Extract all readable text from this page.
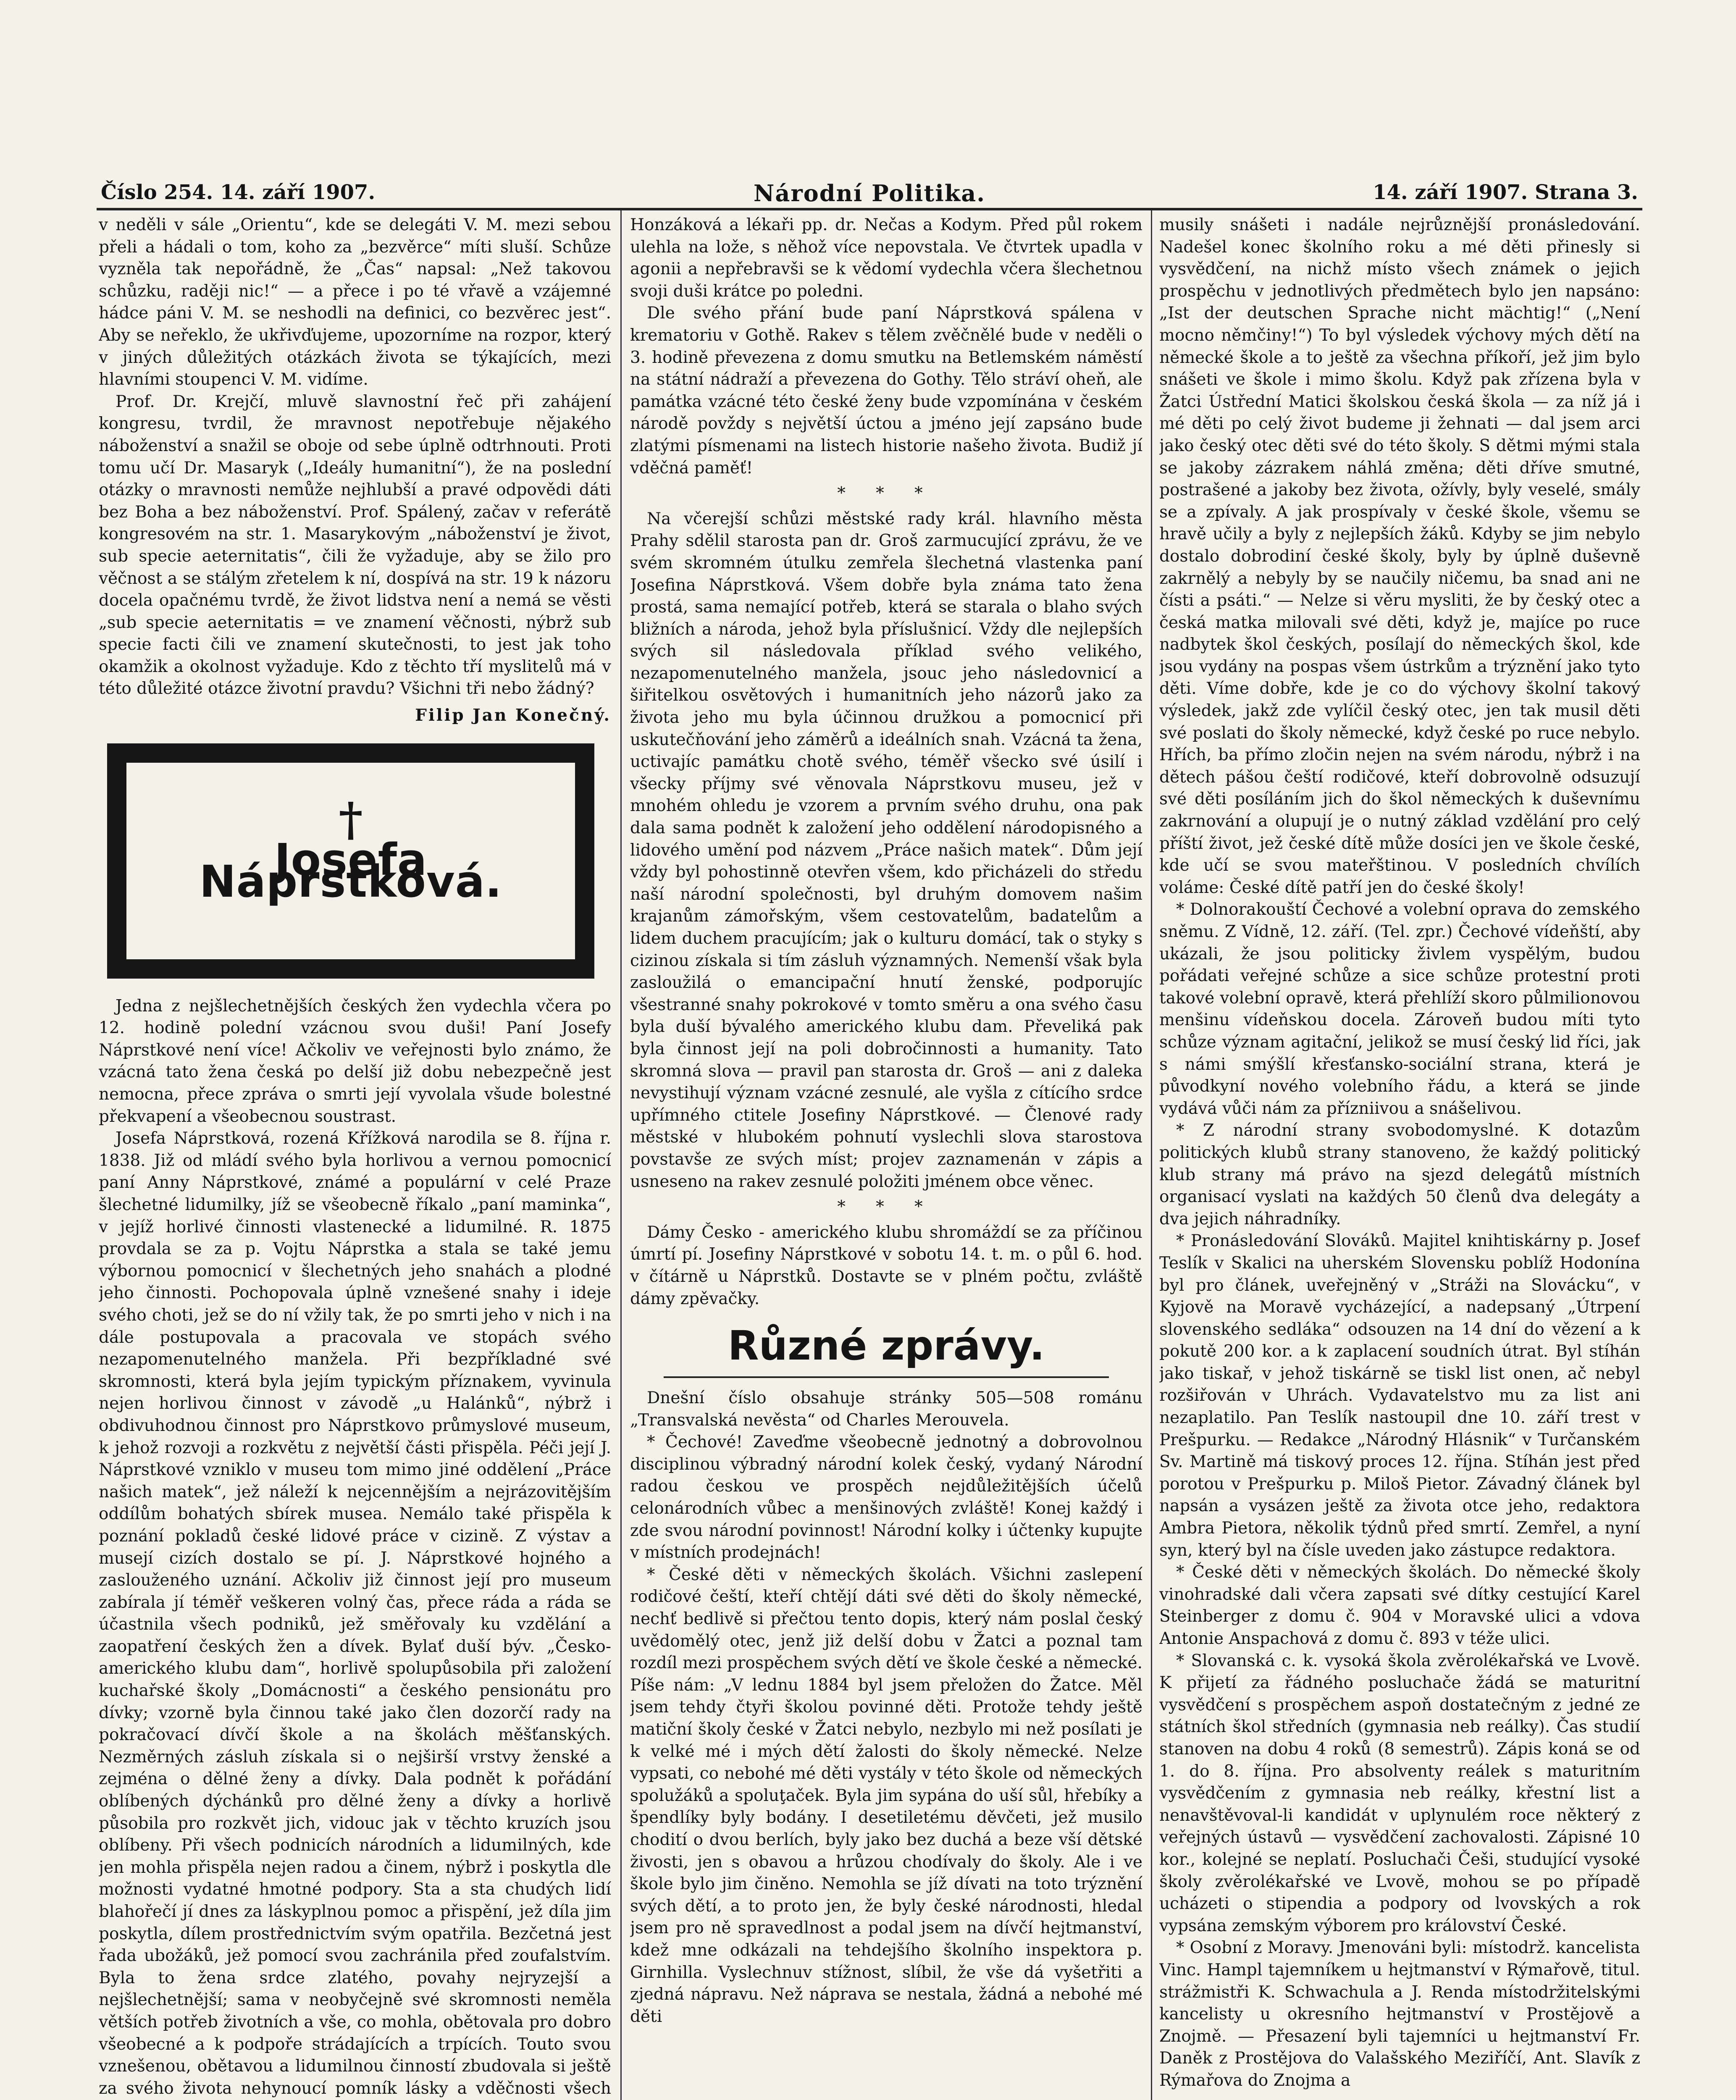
Číslo 254. 14. září 1907.	Národní Politika.	14. září 1907. Strana 3.

v neděli v sále „Orientu“, kde se delegáti V. M. mezi sebou přeli a hádali o tom, koho za „bezvěrce“ míti sluší. Schůze vyzněla tak nepořádně, že „Čas“ napsal: „Než takovou schůzku, raději nic!“ — a přece i po té vřavě a vzájemné hádce páni V. M. se neshodli na definici, co bezvěrec jest“. Aby se neřeklo, že ukřivďujeme, upozorníme na rozpor, který v jiných důležitých otázkách života se týkajících, mezi hlavními stoupenci V. M. vidíme.

Prof. Dr. Krejčí, mluvě slavnostní řeč při zahájení kongresu, tvrdil, že mravnost nepotřebuje nějakého náboženství a snažil se oboje od sebe úplně odtrhnouti. Proti tomu učí Dr. Masaryk („Ideály humanitní“), že na poslední otázky o mravnosti nemůže nejhlubší a pravé odpovědi dáti bez Boha a bez náboženství. Prof. Spálený, začav v referátě kongresovém na str. 1. Masarykovým „náboženství je život, sub specie aeternitatis“, čili že vyžaduje, aby se žilo pro věčnost a se stálým zřetelem k ní, dospívá na str. 19 k názoru docela opačnému tvrdě, že život lidstva není a nemá se věsti „sub specie aeternitatis = ve znamení věčnosti, nýbrž sub specie facti čili ve znamení skutečnosti, to jest jak toho okamžik a okolnost vyžaduje. Kdo z těchto tří myslitelů má v této důležité otázce životní pravdu? Všichni tři nebo žádný?

Filip Jan Konečný.
†
Josefa Náprstková.

Jedna z nejšlechetnějších českých žen vydechla včera po 12. hodině polední vzácnou svou duši! Paní Josefy Náprstkové není více! Ačkoliv ve veřejnosti bylo známo, že vzácná tato žena česká po delší již dobu nebezpečně jest nemocna, přece zpráva o smrti její vyvolala všude bolestné překvapení a všeobecnou soustrast.

Josefa Náprstková, rozená Křížková narodila se 8. října r. 1838. Již od mládí svého byla horlivou a vernou pomocnicí paní Anny Náprstkové, známé a populární v celé Praze šlechetné lidumilky, jíž se všeobecně říkalo „paní maminka“, v jejíž horlivé činnosti vlastenecké a lidumilné. R. 1875 provdala se za p. Vojtu Náprstka a stala se také jemu výbornou pomocnicí v šlechetných jeho snahách a plodné jeho činnosti. Pochopovala úplně vznešené snahy i ideje svého choti, jež se do ní vžily tak, že po smrti jeho v nich i na dále postupovala a pracovala ve stopách svého nezapomenutelného manžela. Při bezpříkladné své skromnosti, která byla jejím typickým příznakem, vyvinula nejen horlivou činnost v závodě „u Halánků“, nýbrž i obdivuhodnou činnost pro Náprstkovo průmyslové museum, k jehož rozvoji a rozkvětu z největší části přispěla. Péči její J. Náprstkové vzniklo v museu tom mimo jiné oddělení „Práce našich matek“, jež náleží k nejcennějším a nejrázovitějším oddílům bohatých sbírek musea. Nemálo také přispěla k poznání pokladů české lidové práce v cizině. Z výstav a musejí cizích dostalo se pí. J. Náprstkové hojného a zaslouženého uznání. Ačkoliv již činnost její pro museum zabírala jí téměř veškeren volný čas, přece ráda a ráda se účastnila všech podniků, jež směřovaly ku vzdělání a zaopatření českých žen a dívek. Bylať duší býv. „Česko-amerického klubu dam“, horlivě spolupůsobila při založení kuchařské školy „Domácnosti“ a českého pensionátu pro dívky; vzorně byla činnou také jako člen dozorčí rady na pokračovací dívčí škole a na školách měšťanských. Nezměrných zásluh získala si o nejširší vrstvy ženské a zejména o dělné ženy a dívky. Dala podnět k pořádání oblíbených dýchánků pro dělné ženy a dívky a horlivě působila pro rozkvět jich, vidouc jak v těchto kruzích jsou oblíbeny. Při všech podnicích národních a lidumilných, kde jen mohla přispěla nejen radou a činem, nýbrž i poskytla dle možnosti vydatné hmotné podpory. Sta a sta chudých lidí blahořečí jí dnes za láskyplnou pomoc a přispění, jež díla jim poskytla, dílem prostřednictvím svým opatřila. Bezčetná jest řada ubožáků, jež pomocí svou zachránila před zoufalstvím. Byla to žena srdce zlatého, povahy nejryzejší a nejšlechetnější; sama v neobyčejně své skromnosti neměla větších potřeb životních a vše, co mohla, obětovala pro dobro všeobecné a k podpoře strádajících a trpících. Touto svou vznešenou, obětavou a lidumilnou činností zbudovala si ještě za svého života nehynoucí pomník lásky a vděčnosti všech

Honzáková a lékaři pp. dr. Nečas a Kodym. Před půl rokem ulehla na lože, s něhož více nepovstala. Ve čtvrtek upadla v agonii a nepřebravši se k vědomí vydechla včera šlechetnou svoji duši krátce po poledni.

Dle svého přání bude paní Náprstková spálena v krematoriu v Gothě. Rakev s tělem zvěčnělé bude v neděli o 3. hodině převezena z domu smutku na Betlemském náměstí na státní nádraží a převezena do Gothy. Tělo stráví oheň, ale památka vzácné této české ženy bude vzpomínána v českém národě povždy s největší úctou a jméno její zapsáno bude zlatými písmenami na listech historie našeho života. Budiž jí vděčná paměť!

* * *

Na včerejší schůzi městské rady král. hlavního města Prahy sdělil starosta pan dr. Groš zarmucující zprávu, že ve svém skromném útulku zemřela šlechetná vlastenka paní Josefina Náprstková. Všem dobře byla známa tato žena prostá, sama nemající potřeb, která se starala o blaho svých bližních a národa, jehož byla příslušnicí. Vždy dle nejlepších svých sil následovala příklad svého velikého, nezapomenutelného manžela, jsouc jeho následovnicí a šiřitelkou osvětových i humanitních jeho názorů jako za života jeho mu byla účinnou družkou a pomocnicí při uskutečňování jeho záměrů a ideálních snah. Vzácná ta žena, uctivajíc památku chotě svého, téměř všecko své úsilí i všecky příjmy své věnovala Náprstkovu museu, jež v mnohém ohledu je vzorem a prvním svého druhu, ona pak dala sama podnět k založení jeho oddělení národopisného a lidového umění pod názvem „Práce našich matek“. Dům její vždy byl pohostinně otevřen všem, kdo přicházeli do středu naší národní společnosti, byl druhým domovem našim krajanům zámořským, všem cestovatelům, badatelům a lidem duchem pracujícím; jak o kulturu domácí, tak o styky s cizinou získala si tím zásluh významných. Nemenší však byla zasloužilá o emancipační hnutí ženské, podporujíc všestranné snahy pokrokové v tomto směru a ona svého času byla duší bývalého amerického klubu dam. Převeliká pak byla činnost její na poli dobročinnosti a humanity. Tato skromná slova — pravil pan starosta dr. Groš — ani z daleka nevystihují význam vzácné zesnulé, ale vyšla z cítícího srdce upřímného ctitele Josefiny Náprstkové. — Členové rady městské v hlubokém pohnutí vyslechli slova starostova povstavše ze svých míst; projev zaznamenán v zápis a usneseno na rakev zesnulé položiti jménem obce věnec.

* * *

Dámy Česko - amerického klubu shromáždí se za příčinou úmrtí pí. Josefiny Náprstkové v sobotu 14. t. m. o půl 6. hod. v čítárně u Náprstků. Dostavte se v plném počtu, zvláště dámy zpěvačky.

Různé zprávy.

Dnešní číslo obsahuje stránky 505—508 románu „Transvalská nevěsta“ od Charles Merouvela.

* Čechové! Zaveďme všeobecně jednotný a dobrovolnou disciplinou výbradný národní kolek český, vydaný Národní radou českou ve prospěch nejdůležitějších účelů celonárodních vůbec a menšinových zvláště! Konej každý i zde svou národní povinnost! Národní kolky i účtenky kupujte v místních prodejnách!

* České děti v německých školách. Všichni zaslepení rodičové čeští, kteří chtějí dáti své děti do školy německé, nechť bedlivě si přečtou tento dopis, který nám poslal český uvědomělý otec, jenž již delší dobu v Žatci a poznal tam rozdíl mezi prospěchem svých dětí ve škole české a německé. Píše nám: „V lednu 1884 byl jsem přeložen do Žatce. Měl jsem tehdy čtyři školou povinné děti. Protože tehdy ještě matiční školy české v Žatci nebylo, nezbylo mi než posílati je k velké mé i mých dětí žalosti do školy německé. Nelze vypsati, co nebohé mé děti vystály v této škole od německých spolužáků a spoluţaček. Byla jim sypána do uší sůl, hřebíky a špendlíky byly bodány. I desetiletému děvčeti, jež musilo chodití o dvou berlích, byly jako bez duchá a beze vší dětské živosti, jen s obavou a hrůzou chodívaly do školy. Ale i ve škole bylo jim činěno. Nemohla se jíž dívati na toto trýznění svých dětí, a to proto jen, že byly české národnosti, hledal jsem pro ně spravedlnost a podal jsem na dívčí hejtmanství, kdež mne odkázali na tehdejšího školního inspektora p. Girnhilla. Vyslechnuv stížnost, slíbil, že vše dá vyšetřiti a zjedná nápravu. Než náprava se nestala, žádná a nebohé mé děti

musily snášeti i nadále nejrůznější pronásledování. Nadešel konec školního roku a mé děti přinesly si vysvědčení, na nichž místo všech známek o jejich prospěchu v jednotlivých předmětech bylo jen napsáno: „Ist der deutschen Sprache nicht mächtig!“ („Není mocno němčiny!“) To byl výsledek výchovy mých dětí na německé škole a to ještě za všechna příkoří, jež jim bylo snášeti ve škole i mimo školu. Když pak zřízena byla v Žatci Ústřední Matici školskou česká škola — za níž já i mé děti po celý život budeme ji žehnati — dal jsem arci jako český otec děti své do této školy. S dětmi mými stala se jakoby zázrakem náhlá změna; děti dříve smutné, postrašené a jakoby bez života, ožívly, byly veselé, smály se a zpívaly. A jak prospívaly v české škole, všemu se hravě učily a byly z nejlepších žáků. Kdyby se jim nebylo dostalo dobrodiní české školy, byly by úplně duševně zakrnělý a nebyly by se naučily ničemu, ba snad ani ne čísti a psáti.“ — Nelze si věru mysliti, že by český otec a česká matka milovali své děti, když je, majíce po ruce nadbytek škol českých, posílají do německých škol, kde jsou vydány na pospas všem ústrkům a trýznění jako tyto děti. Víme dobře, kde je co do výchovy školní takový výsledek, jakž zde vylíčil český otec, jen tak musil děti své poslati do školy německé, když české po ruce nebylo. Hřích, ba přímo zločin nejen na svém národu, nýbrž i na dětech pášou čeští rodičové, kteří dobrovolně odsuzují své děti posíláním jich do škol německých k duševnímu zakrnování a olupují je o nutný základ vzdělání pro celý příští život, jež české dítě může dosíci jen ve škole české, kde učí se svou mateřštinou. V posledních chvílích voláme: České dítě patří jen do české školy!

* Dolnorakouští Čechové a volební oprava do zemského sněmu. Z Vídně, 12. září. (Tel. zpr.) Čechové vídeňští, aby ukázali, že jsou politicky živlem vyspělým, budou pořádati veřejné schůze a sice schůze protestní proti takové volební opravě, která přehlíží skoro půlmilionovou menšinu vídeňskou docela. Zároveň budou míti tyto schůze význam agitační, jelikož se musí český lid říci, jak s námi smýšlí křesťansko-sociální strana, která je původkyní nového volebního řádu, a která se jinde vydává vůči nám za přízniivou a snášelivou.

* Z národní strany svobodomyslné. K dotazům politických klubů strany stanoveno, že každý politický klub strany má právo na sjezd delegátů místních organisací vyslati na každých 50 členů dva delegáty a dva jejich náhradníky.

* Pronásledování Slováků. Majitel knihtiskárny p. Josef Teslík v Skalici na uherském Slovensku poblíž Hodonína byl pro článek, uveřejněný v „Stráži na Slovácku“, v Kyjově na Moravě vycházející, a nadepsaný „Útrpení slovenského sedláka“ odsouzen na 14 dní do vězení a k pokutě 200 kor. a k zaplacení soudních útrat. Byl stíhán jako tiskař, v jehož tiskárně se tiskl list onen, ač nebyl rozšiřován v Uhrách. Vydavatelstvo mu za list ani nezaplatilo. Pan Teslík nastoupil dne 10. září trest v Prešpurku. — Redakce „Národný Hlásnik“ v Turčanském Sv. Martině má tiskový proces 12. října. Stíhán jest před porotou v Prešpurku p. Miloš Pietor. Závadný článek byl napsán a vysázen ještě za života otce jeho, redaktora Ambra Pietora, několik týdnů před smrtí. Zemřel, a nyní syn, který byl na čísle uveden jako zástupce redaktora.

* České děti v německých školách. Do německé školy vinohradské dali včera zapsati své dítky cestující Karel Steinberger z domu č. 904 v Moravské ulici a vdova Antonie Anspachová z domu č. 893 v téže ulici.

* Slovanská c. k. vysoká škola zvěrolékařská ve Lvově. K přijetí za řádného posluchače žádá se maturitní vysvědčení s prospěchem aspoň dostatečným z jedné ze státních škol středních (gymnasia neb reálky). Čas studií stanoven na dobu 4 roků (8 semestrů). Zápis koná se od 1. do 8. října. Pro absolventy reálek s maturitním vysvědčením z gymnasia neb reálky, křestní list a nenavštěvoval-li kandidát v uplynulém roce některý z veřejných ústavů — vysvědčení zachovalosti. Zápisné 10 kor., kolejné se neplatí. Posluchači Češi, studující vysoké školy zvěrolékařské ve Lvově, mohou se po případě ucházeti o stipendia a podpory od lvovských a rok vypsána zemským výborem pro království České.

* Osobní z Moravy. Jmenováni byli: místodrž. kancelista Vinc. Hampl tajemníkem u hejtmanství v Rýmařově, titul. strážmistři K. Schwachula a J. Renda místodržitelskými kancelisty u okresního hejtmanství v Prostějově a Znojmě. — Přesazení byli tajemníci u hejtmanství Fr. Daněk z Prostějova do Valašského Meziříčí, Ant. Slavík z Rýmařova do Znojma a
